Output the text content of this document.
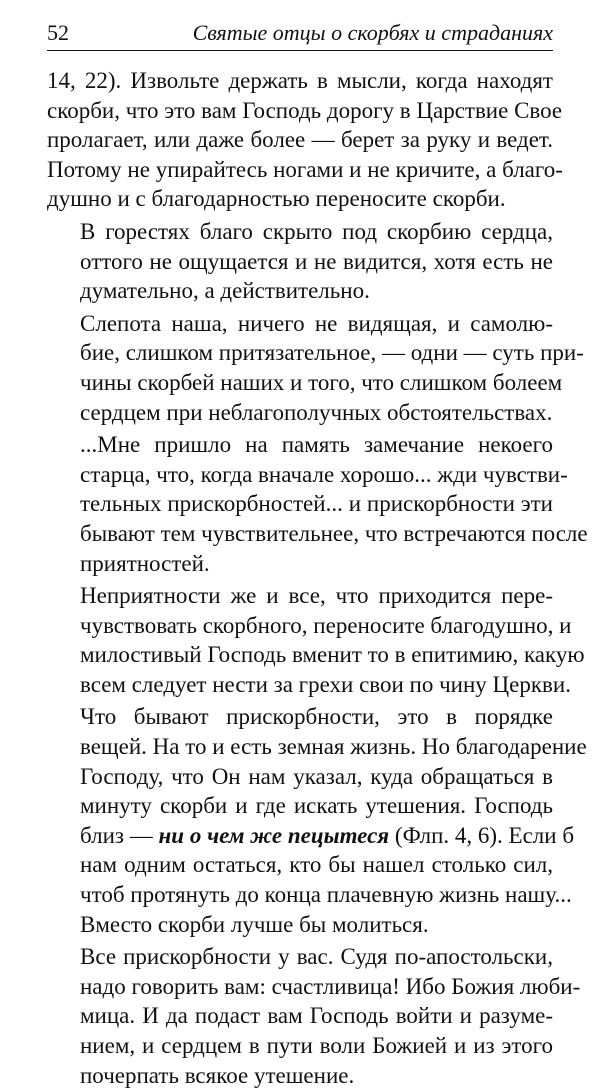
52	Святые отцы о скорбях и страданиях

14, 22). Извольте держать в мысли, когда находят
скорби, что это вам Господь дорогу в Царствие Свое
пролагает, или даже более — берет за руку и ведет.
Потому не упирайтесь ногами и не кричите, а благо-
душно и с благодарностью переносите скорби.

В горестях благо скрыто под скорбию сердца,
оттого не ощущается и не видится, хотя есть не
думательно, а действительно.

Слепота наша, ничего не видящая, и самолю-
бие, слишком притязательное, — одни — суть при-
чины скорбей наших и того, что слишком болеем
сердцем при неблагополучных обстоятельствах.

...Мне пришло на память замечание некоего
старца, что, когда вначале хорошо... жди чувстви-
тельных прискорбностей... и прискорбности эти
бывают тем чувствительнее, что встречаются после
приятностей.

Неприятности же и все, что приходится пере-
чувствовать скорбного, переносите благодушно, и
милостивый Господь вменит то в епитимию, какую
всем следует нести за грехи свои по чину Церкви.

Что бывают прискорбности, это в порядке
вещей. На то и есть земная жизнь. Но благодарение
Господу, что Он нам указал, куда обращаться в
минуту скорби и где искать утешения. Господь
близ — ни о чем же пецытеся (Флп. 4, 6). Если б
нам одним остаться, кто бы нашел столько сил,
чтоб протянуть до конца плачевную жизнь нашу...
Вместо скорби лучше бы молиться.

Все прискорбности у вас. Судя по-апостольски,
надо говорить вам: счастливица! Ибо Божия люби-
мица. И да подаст вам Господь войти и разуме-
нием, и сердцем в пути воли Божией и из этого
почерпать всякое утешение.
